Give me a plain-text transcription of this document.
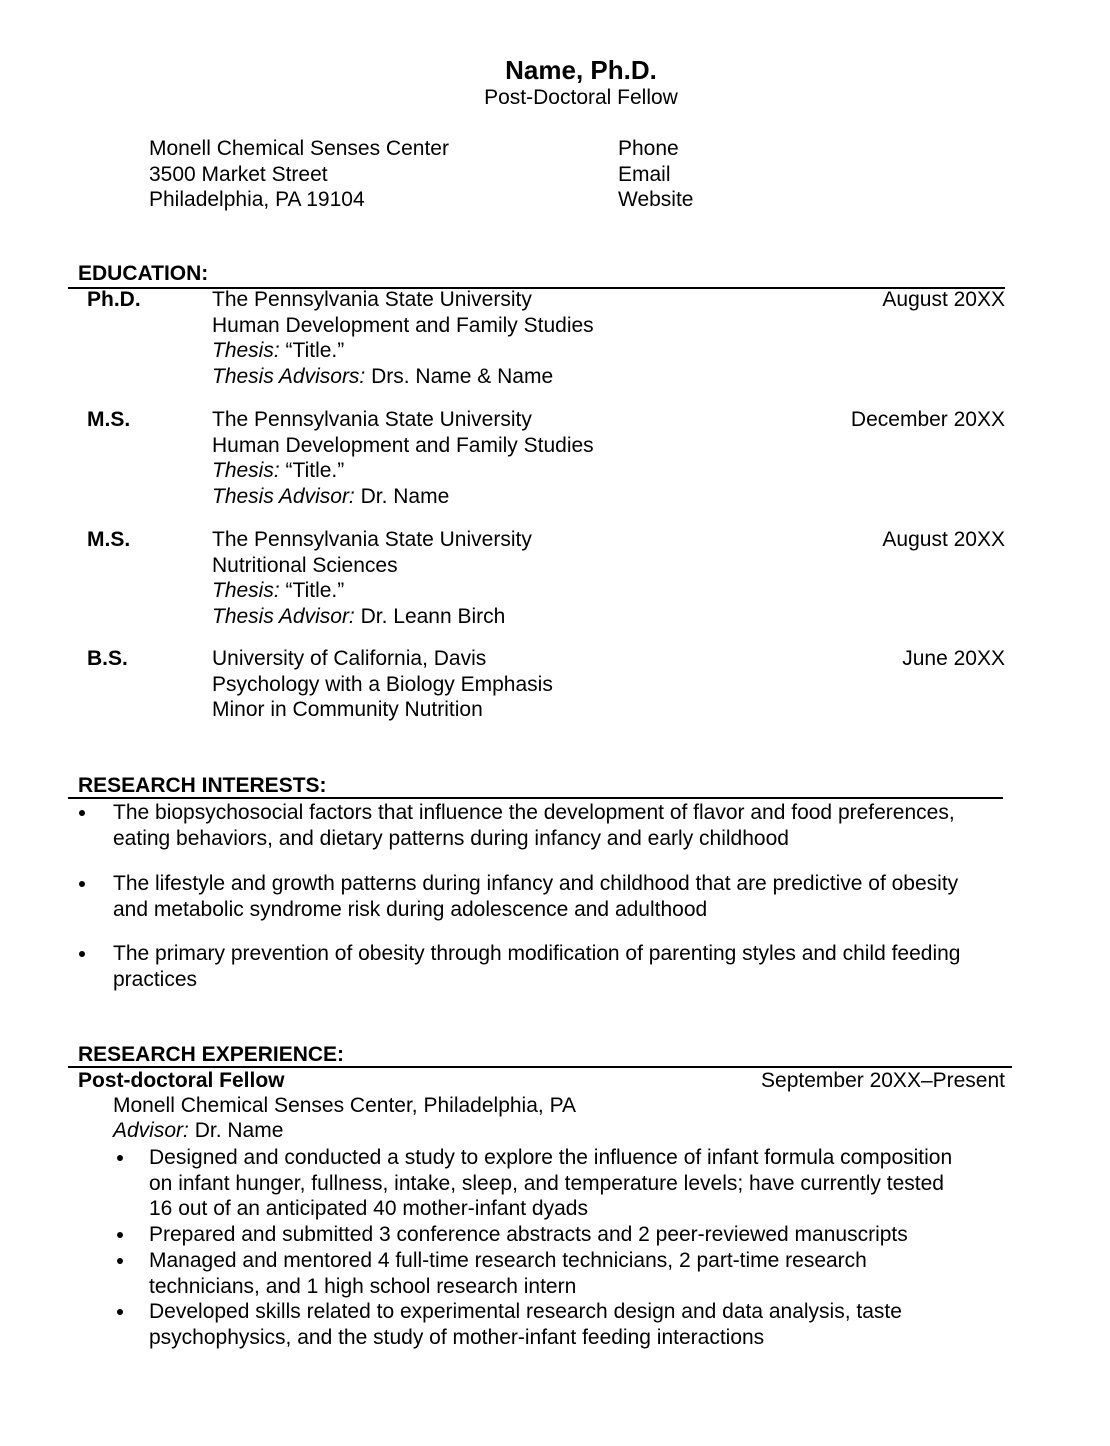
Name, Ph.D.
Post-Doctoral Fellow
Monell Chemical Senses Center
3500 Market Street
Philadelphia, PA 19104
Phone
Email
Website
EDUCATION:
RESEARCH INTERESTS:
RESEARCH EXPERIENCE:
Post-doctoral Fellow	September 20XX–Present
Monell Chemical Senses Center, Philadelphia, PA
Advisor: Dr. Name
Ph.D.	August 20XX
The Pennsylvania State University
Human Development and Family Studies
Thesis: “Title.”
Thesis Advisors: Drs. Name & Name
M.S.	December 20XX
The Pennsylvania State University
Human Development and Family Studies
Thesis: “Title.”
Thesis Advisor: Dr. Name
M.S.	August 20XX
The Pennsylvania State University
Nutritional Sciences
Thesis: “Title.”
Thesis Advisor: Dr. Leann Birch
B.S.	June 20XX
University of California, Davis
Psychology with a Biology Emphasis
Minor in Community Nutrition
The biopsychosocial factors that influence the development of flavor and food preferences,
eating behaviors, and dietary patterns during infancy and early childhood
The lifestyle and growth patterns during infancy and childhood that are predictive of obesity
and metabolic syndrome risk during adolescence and adulthood
The primary prevention of obesity through modification of parenting styles and child feeding
practices
Designed and conducted a study to explore the influence of infant formula composition
on infant hunger, fullness, intake, sleep, and temperature levels; have currently tested
16 out of an anticipated 40 mother-infant dyads
Prepared and submitted 3 conference abstracts and 2 peer-reviewed manuscripts
Managed and mentored 4 full-time research technicians, 2 part-time research
technicians, and 1 high school research intern
Developed skills related to experimental research design and data analysis, taste
psychophysics, and the study of mother-infant feeding interactions
